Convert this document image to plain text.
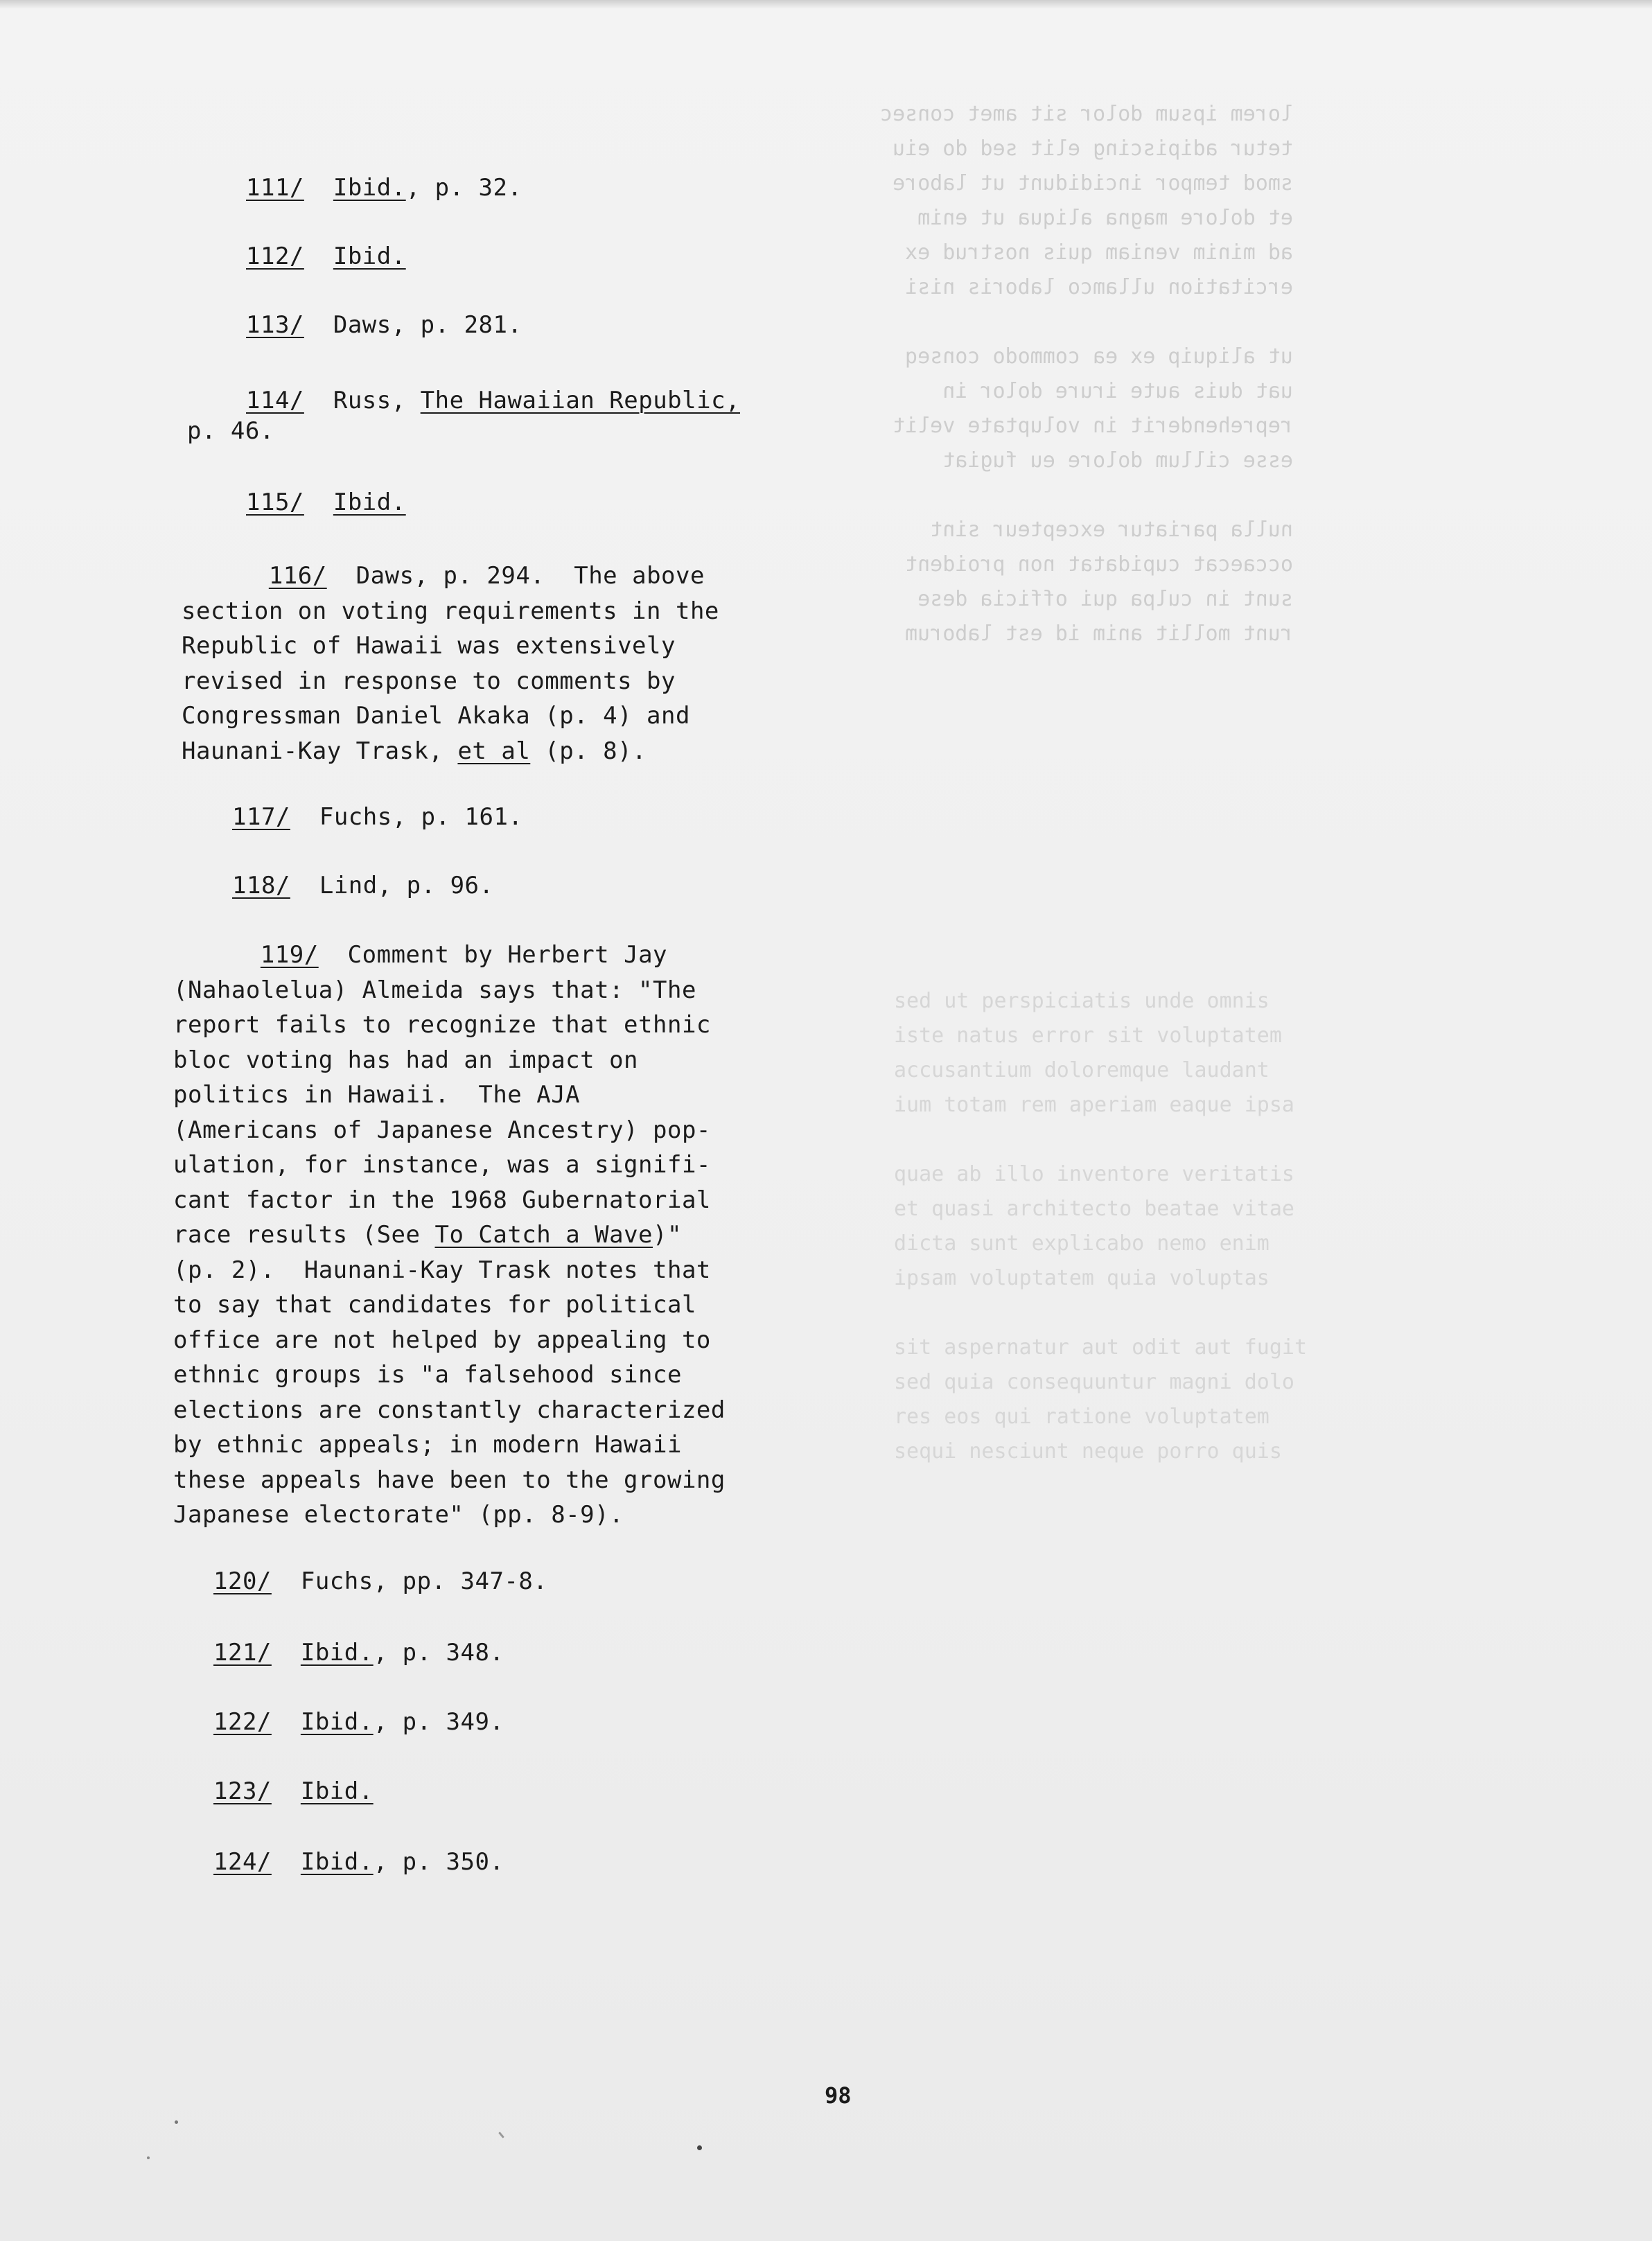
lorem ipsum dolor sit amet consec
tetur adipiscing elit sed do eiu
smod tempor incididunt ut labore
et dolore magna aliqua ut enim
ad minim veniam quis nostrud ex
ercitation ullamco laboris nisi

ut aliquip ex ea commodo conseq
uat duis aute irure dolor in
reprehenderit in voluptate velit
esse cillum dolore eu fugiat

nulla pariatur excepteur sint
occaecat cupidatat non proident
sunt in culpa qui officia dese
runt mollit anim id est laborum
sed ut perspiciatis unde omnis
iste natus error sit voluptatem
accusantium doloremque laudant
ium totam rem aperiam eaque ipsa

quae ab illo inventore veritatis
et quasi architecto beatae vitae
dicta sunt explicabo nemo enim
ipsam voluptatem quia voluptas

sit aspernatur aut odit aut fugit
sed quia consequuntur magni dolo
res eos qui ratione voluptatem
sequi nesciunt neque porro quis
111/ Ibid., p. 32.
112/ Ibid.
113/ Daws, p. 281.
114/ Russ, The Hawaiian Republic,
p. 46.
115/ Ibid.
116/ Daws, p. 294.  The above
section on voting requirements in the
Republic of Hawaii was extensively
revised in response to comments by
Congressman Daniel Akaka (p. 4) and
Haunani-Kay Trask, et al (p. 8).
117/ Fuchs, p. 161.
118/ Lind, p. 96.
119/ Comment by Herbert Jay
(Nahaolelua) Almeida says that: "The
report fails to recognize that ethnic
bloc voting has had an impact on
politics in Hawaii.  The AJA
(Americans of Japanese Ancestry) pop-
ulation, for instance, was a signifi-
cant factor in the 1968 Gubernatorial
race results (See To Catch a Wave)"
(p. 2).  Haunani-Kay Trask notes that
to say that candidates for political
office are not helped by appealing to
ethnic groups is "a falsehood since
elections are constantly characterized
by ethnic appeals; in modern Hawaii
these appeals have been to the growing
Japanese electorate" (pp. 8-9).
120/ Fuchs, pp. 347-8.
121/ Ibid., p. 348.
122/ Ibid., p. 349.
123/ Ibid.
124/ Ibid., p. 350.
98
